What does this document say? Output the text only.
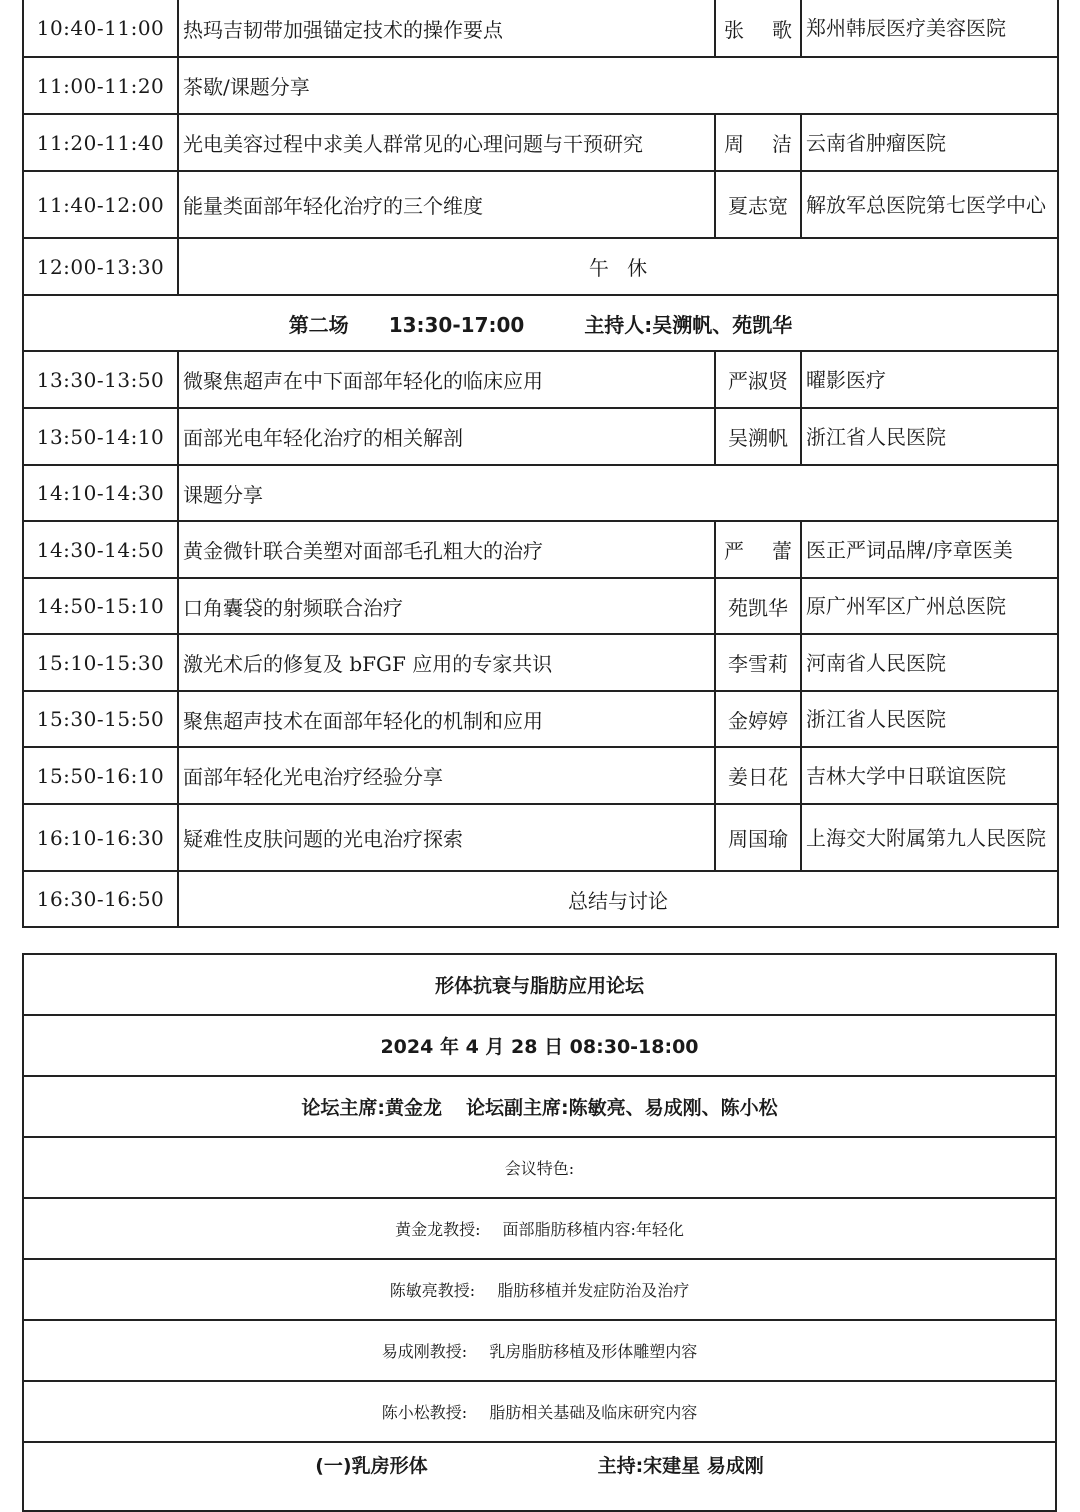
10:40-11:00	热玛吉韧带加强锚定技术的操作要点	张 歌	郑州韩辰医疗美容医院
11:00-11:20	茶歇/课题分享		
11:20-11:40	光电美容过程中求美人群常见的心理问题与干预研究	周 洁	云南省肿瘤医院
11:40-12:00	能量类面部年轻化治疗的三个维度	夏志宽	解放军总医院第七医学中心
12:00-13:30	午 休		
第二场 13:30-17:00 主持人:吴溯帆、苑凯华			
13:30-13:50	微聚焦超声在中下面部年轻化的临床应用	严淑贤	曜影医疗
13:50-14:10	面部光电年轻化治疗的相关解剖	吴溯帆	浙江省人民医院
14:10-14:30	课题分享		
14:30-14:50	黄金微针联合美塑对面部毛孔粗大的治疗	严 蕾	医正严词品牌/序章医美
14:50-15:10	口角囊袋的射频联合治疗	苑凯华	原广州军区广州总医院
15:10-15:30	激光术后的修复及 bFGF 应用的专家共识	李雪莉	河南省人民医院
15:30-15:50	聚焦超声技术在面部年轻化的机制和应用	金婷婷	浙江省人民医院
15:50-16:10	面部年轻化光电治疗经验分享	姜日花	吉林大学中日联谊医院
16:10-16:30	疑难性皮肤问题的光电治疗探索	周国瑜	上海交大附属第九人民医院
16:30-16:50	总结与讨论		
形体抗衰与脂肪应用论坛
2024 年 4 月 28 日 08:30-18:00
论坛主席:黄金龙 论坛副主席:陈敏亮、易成刚、陈小松
会议特色:
黄金龙教授: 面部脂肪移植内容:年轻化
陈敏亮教授: 脂肪移植并发症防治及治疗
易成刚教授: 乳房脂肪移植及形体雕塑内容
陈小松教授: 脂肪相关基础及临床研究内容
(一)乳房形体	主持:宋建星 易成刚
